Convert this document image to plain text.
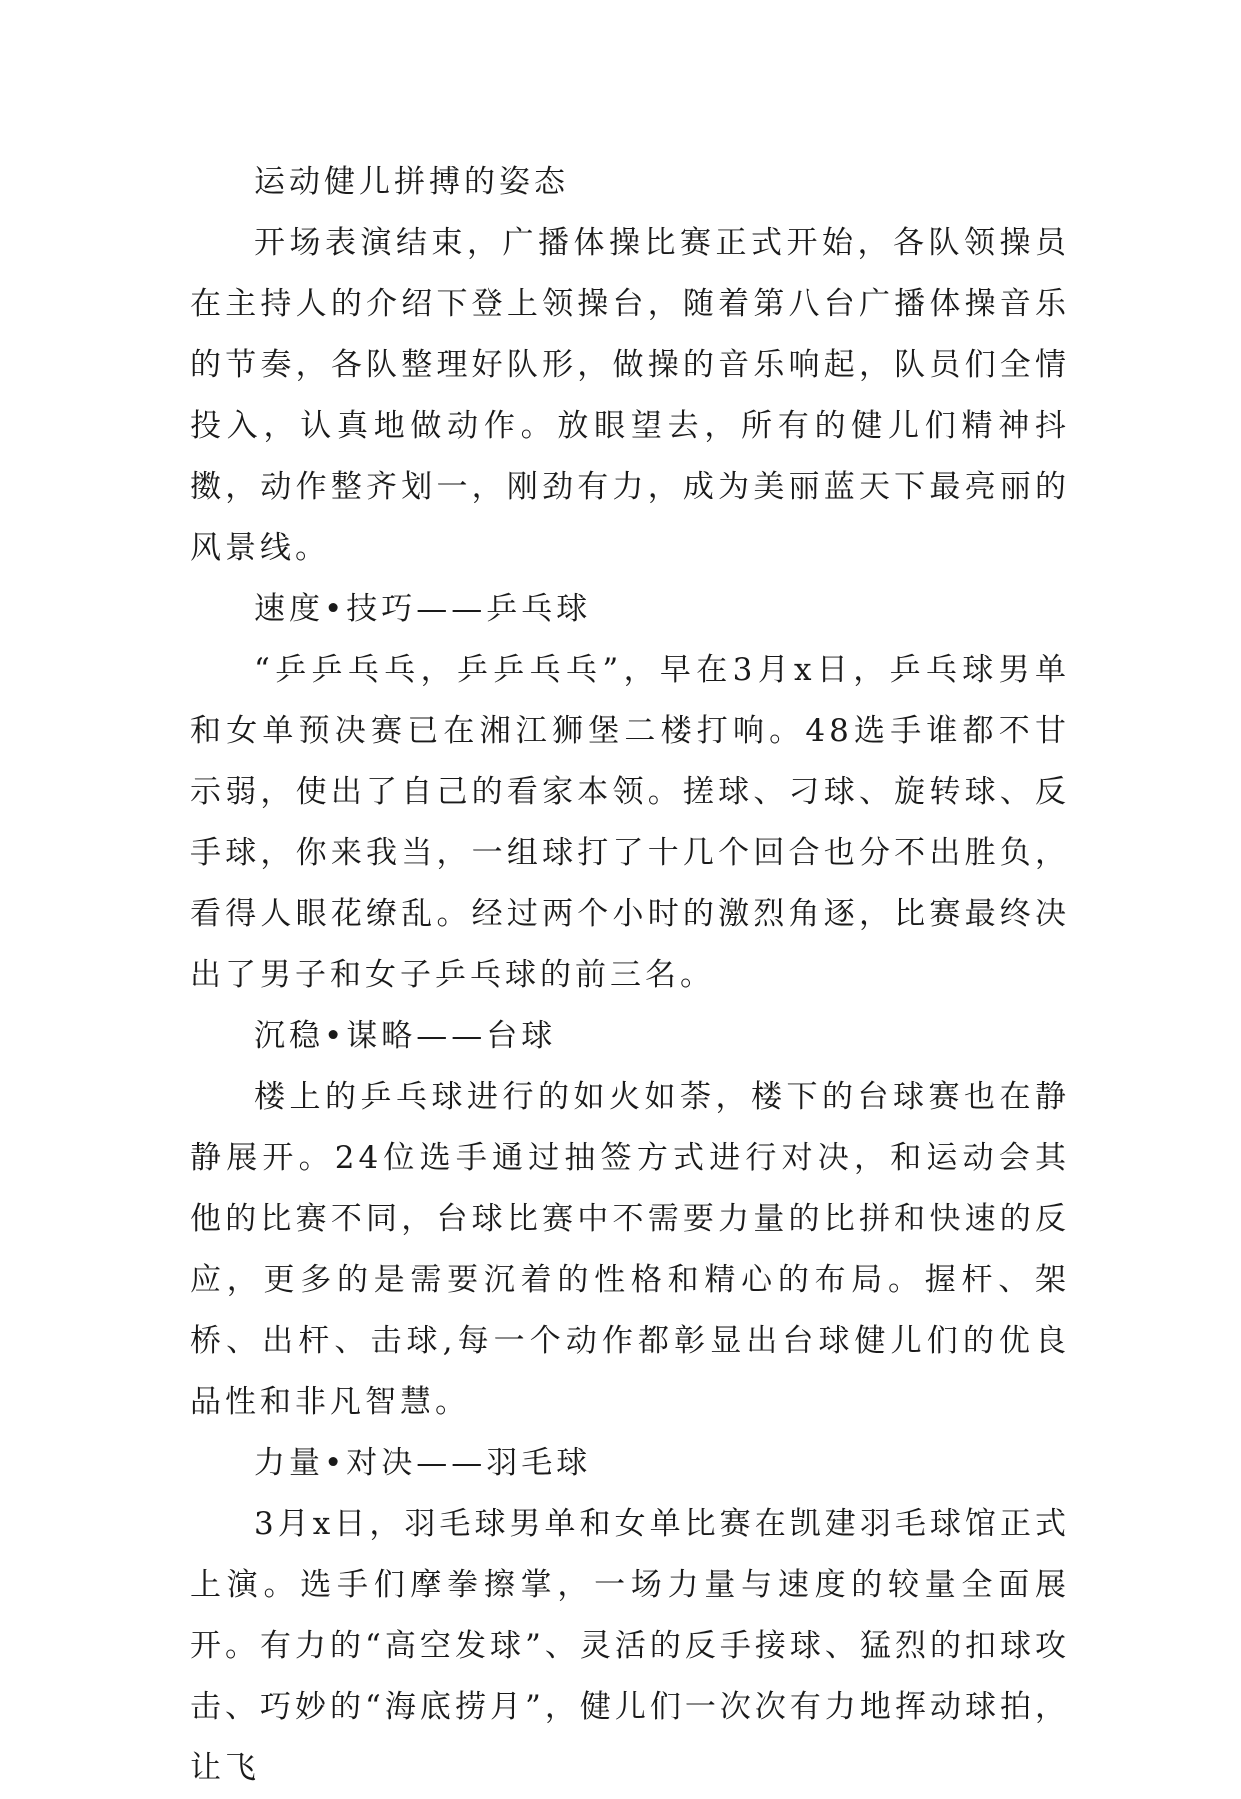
运动健儿拼搏的姿态

开场表演结束，广播体操比赛正式开始，各队领操员在主持人的介绍下登上领操台，随着第八台广播体操音乐的节奏，各队整理好队形，做操的音乐响起，队员们全情投入，认真地做动作。放眼望去，所有的健儿们精神抖擞，动作整齐划一，刚劲有力，成为美丽蓝天下最亮丽的风景线。

速度•技巧——乒乓球

“乒乒乓乓，乒乒乓乓”，早在3月x日，乒乓球男单和女单预决赛已在湘江狮堡二楼打响。48选手谁都不甘示弱，使出了自己的看家本领。搓球、刁球、旋转球、反手球，你来我当，一组球打了十几个回合也分不出胜负，看得人眼花缭乱。经过两个小时的激烈角逐，比赛最终决出了男子和女子乒乓球的前三名。

沉稳•谋略——台球

楼上的乒乓球进行的如火如荼，楼下的台球赛也在静静展开。24位选手通过抽签方式进行对决，和运动会其他的比赛不同，台球比赛中不需要力量的比拼和快速的反应，更多的是需要沉着的性格和精心的布局。握杆、架桥、出杆、击球,每一个动作都彰显出台球健儿们的优良品性和非凡智慧。

力量•对决——羽毛球

3月x日，羽毛球男单和女单比赛在凯建羽毛球馆正式上演。选手们摩拳擦掌，一场力量与速度的较量全面展开。有力的“高空发球”、灵活的反手接球、猛烈的扣球攻击、巧妙的“海底捞月”，健儿们一次次有力地挥动球拍，让飞
